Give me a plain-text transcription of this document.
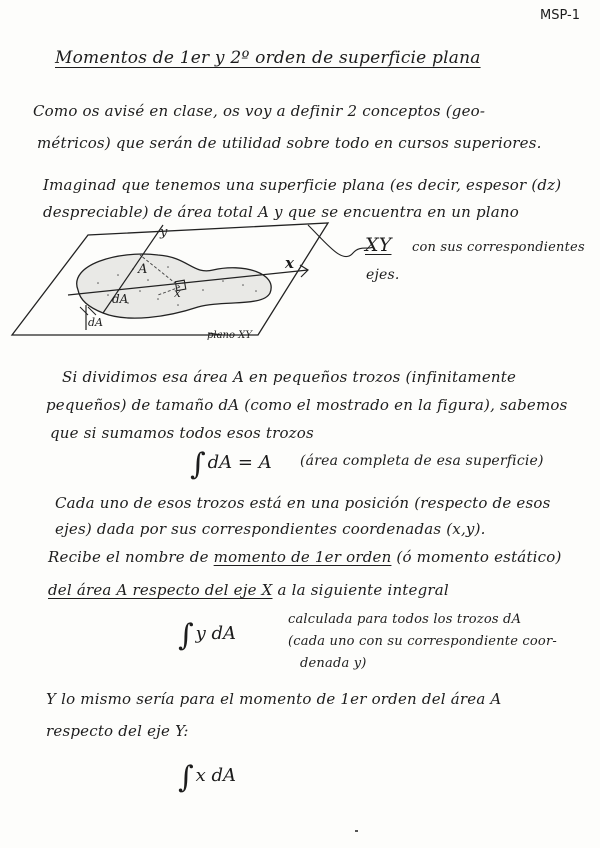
MSP-1
Momentos de 1er y 2º orden de superficie plana
Como os avisé en clase, os voy a definir 2 conceptos (geo-
métricos) que serán de utilidad sobre todo en cursos superiores.
Imaginad que tenemos una superficie plana (es decir, espesor (dz)
despreciable) de área total A y que se encuentra en un plano
A
dA	x
x
y
dA
plano XY
XY con sus correspondientes
ejes.
Si dividimos esa área A en pequeños trozos (infinitamente
pequeños) de tamaño dA (como el mostrado en la figura), sabemos
que si sumamos todos esos trozos
∫ dA = A (área completa de esa superficie)
Cada uno de esos trozos está en una posición (respecto de esos
ejes) dada por sus correspondientes coordenadas (x,y).
Recibe el nombre de momento de 1er orden (ó momento estático)
del área A respecto del eje X a la siguiente integral
∫ y dA
calculada para todos los trozos dA
(cada uno con su correspondiente coor-
denada y)
Y lo mismo sería para el momento de 1er orden del área A
respecto del eje Y:
∫ x dA
